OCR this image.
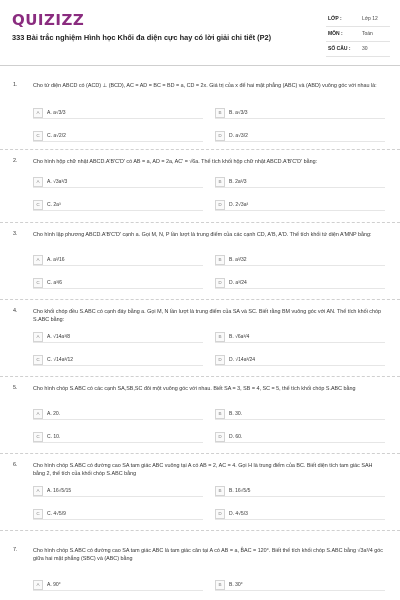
QUIZIZZ
333 Bài trắc nghiệm Hình học Khối đa diện cực hay có lời giải chi tiết (P2)
LỚP :	Lớp 12
MÔN :	Toán
SỐ CÂU : 30
1.	Cho tứ diện ABCD có (ACD) ⊥ (BCD), AC = AD = BC = BD = a, CD = 2x. Giá trị của x để hai mặt phẳng (ABC) và (ABD) vuông góc với nhau là:
A	A. a√3/3	B	B. a√3/3
C	C. a√2/2	D	D. a√3/2
2.	Cho hình hộp chữ nhật ABCD.A'B'C'D' có AB = a, AD = 2a, AC' = √6a. Thể tích khối hộp chữ nhật ABCD.A'B'C'D' bằng:
A	A. √3a³/3	B	B. 2a³/3
C	C. 2a³	D	D. 2√3a³
3.	Cho hình lập phương ABCD.A'B'C'D' cạnh a. Gọi M, N, P lần lượt là trung điểm của các cạnh CD, A'B, A'D. Thể tích khối tứ diện A'MNP bằng:
A	A. a³/16	B	B. a³/32
C	C. a³/6	D	D. a³/24
4.	Cho khối chóp đều S.ABC có cạnh đáy bằng a. Gọi M, N lần lượt là trung điểm của SA và SC. Biết rằng BM vuông góc với AN. Thể tích khối chóp S.ABC bằng:
A	A. √14a³/8	B	B. √6a³/4
C	C. √14a³/12	D	D. √14a³/24
5.	Cho hình chóp S.ABC có các cạnh SA,SB,SC đôi một vuông góc với nhau. Biết SA = 3, SB = 4, SC = 5, thể tích khối chóp S.ABC bằng
A	A. 20.	B	B. 30.
C	C. 10.	D	D. 60.
6.	Cho hình chóp S.ABC có đường cao SA tam giác ABC vuông tại A có AB = 2, AC = 4. Gọi H là trung điểm của BC. Biết diện tích tam giác SAH bằng 2, thể tích của khối chóp S.ABC bằng
A	A. 16√5/15	B	B. 16√5/5
C	C. 4√5/9	D	D. 4√5/3
7.	Cho hình chóp S.ABC có đường cao SA tam giác ABC là tam giác cân tại A có AB = a, B̂AC = 120°. Biết thể tích khối chóp S.ABC bằng √3a³/4 góc giữa hai mặt phẳng (SBC) và (ABC) bằng
A	A. 90°	B	B. 30°
